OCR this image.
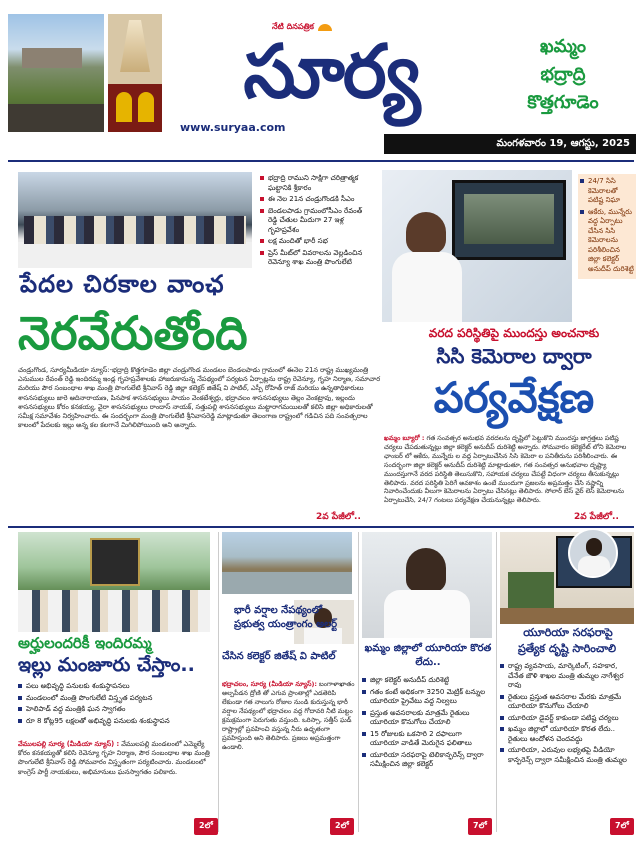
నేటి దినపత్రిక
సూర్య
www.suryaa.com
ఖమ్మం
భద్రాద్రి
కొత్తగూడెం
మంగళవారం 19, ఆగస్టు, 2025
భద్రాద్రి రాముని సాక్షిగా చరిత్రాత్మక ఘట్టానికి శ్రీకారం
ఈ నెల 21న చండ్రుగొండకి సీఎం
బెండలపాడు గ్రామంలోసీఎం రేవంత్ రెడ్డి చేతుల మీదుగా 27 ఇళ్ల గృహప్రవేశం
లక్ష మందితో భారీ సభ
ప్రెస్ మీట్‌లో వివరాలను వెల్లడించిన రెవెన్యూ శాఖ మంత్రి పొంగులేటి
పేదల చిరకాల వాంఛ
నెరవేరుతోంది
చండ్రుగొండ, సూర్యమీడియా న్యూస్:-భద్రాద్రి కొత్తగూడెం జిల్లా చండ్రుగొండ మండలం బెండలపాడు గ్రామంలో ఈనెల 21న రాష్ట్ర ముఖ్యమంత్రి ఎనుముల రేవంత్ రెడ్డి ఇందిరమ్మ ఇండ్ల గృహప్రవేశాలకు హాజరుకానున్న నేపథ్యంలో పర్యటన ఏర్పాట్లను రాష్ట్ర రెవెన్యూ, గృహ నిర్మాణ, సమాచార మరియు పౌర సంబంధాల శాఖ మంత్రి పొంగులేటి శ్రీనివాస్ రెడ్డి జిల్లా కలెక్టర్ జితేష్ వి పాటిల్, ఎస్పీ రోహిత్ రాజ్ మరియు ఉన్నతాధికారులు శాసనసభ్యులు జారె ఆదినారాయణ, పినపాక శాసనసభ్యులు పాయం వెంకటేశ్వర్లు, భద్రాచలం శాసనసభ్యులు తెల్లం వెంకట్రావు, ఇల్లందు శాసనసభ్యులు కోరం కనకయ్య, వైరా శాసనసభ్యులు రాందాస్ నాయక్, సత్తుపల్లి శాసనసభ్యులు మట్టారాగమయిలతో కలిసి జిల్లా అధికారులతో సమీక్ష సమావేశం నిర్వహించారు. ఈ సందర్భంగా మంత్రి పొంగులేటి శ్రీనివాసరెడ్డి మాట్లాడుతూ తెలంగాణ రాష్ట్రంలో గడిచిన పది సంవత్సరాల కాలంలో పేదలకు ఇల్లు అన్న కల కలగానే మిగిలిపోయింది అని అన్నారు.
2వ పేజీలో..
24/7 సిసి కెమెరాలతో పటిష్ట నిఘా
ఆకేరు, మున్నేరు వద్ద ఏర్పాటు చేసిన సిసి కెమెరాలను పరిశీలించిన జిల్లా కలెక్టర్ అనుదీప్ దురిశెట్టి
వరద పరిస్థితిపై ముందస్తు అంచనాకు
సిసి కెమెరాల ద్వారా
పర్యవేక్షణ
ఖమ్మం బ్యూరో : గత సంవత్సర అనుభవ వరదలను దృష్టిలో పెట్టుకొని ముందస్తు జాగ్రత్తలు పటిష్ట చర్యలు చేపడుతున్నట్లు జిల్లా కలెక్టర్ అనుదీప్ దురిశెట్టి అన్నారు. సోమవారం కలెక్టరేట్ లోని కెమెరాల ఛాంబర్ లో ఆకేరు, మున్నేరు ల వద్ద ఏర్పాటుచేసిన సిసి కెమెరా ల పనితీరును పరిశీలించారు. ఈ సందర్భంగా జిల్లా కలెక్టర్ అనుదీప్ దురిశెట్టి మాట్లాడుతూ, గత సంవత్సర అనుభవాల దృష్ట్యా ముందస్తుగానే వరద పరిస్థితి తెలుసుకొని, సహాయక చర్యలు చేపట్టే విధంగా చర్యలు తీసుకున్నట్లు తెలిపారు. వరద పరిస్థితి పెరిగే అవకాశం ఉంటే ముందుగా ప్రజలను అప్రమత్తం చేసి నష్టాన్ని నివారించేందుకు వీలుగా కెమెరాలను ఏర్పాటు చేసినట్లు తెలిపారు. సోలార్ బేస్ వైర్ లెస్ కెమెరాలను ఏర్పాటుచేసి, 24/7 గంటలు పర్యవేక్షణ చేయనున్నట్లు తెలిపారు.
2వ పేజీలో..
అర్హులందరికీ ఇందిరమ్మ
ఇల్లు మంజూరు చేస్తాం..
పలు అభివృద్ధి పనులకు శంకుస్థాపనలు
మండలంలో మంత్రి పొంగులేటి విస్తృత పర్యటన
హెలిపాడ్ వద్ద మంత్రికి ఘన స్వాగతం
రూ 8 కోట్ల95 లక్షలతో అభివృద్ధి పనులకు శంకుస్థాపన
వేములపల్లి సూర్య (మీడియా న్యూస్) : వేములపల్లి మండలంలో ఎమ్మెల్యే కోరం కనకయ్యతో కలిసి రెవెన్యూ గృహ నిర్మాణ, పౌర సంబంధాల శాఖ మంత్రి పొంగులేటి శ్రీనివాస్ రెడ్డి సోమవారం విస్తృతంగా పర్యటించారు. మండలంలో కాంగ్రెస్ పార్టీ నాయకులు, అభిమానులు ఘనస్వాగతం పలికారు.
2లో
భారీ వర్షాల నేపథ్యంలో ప్రభుత్వ యంత్రాంగం అలర్ట్
చేసిన కలెక్టర్ జితేష్ వి పాటిల్
భద్రాచలం, సూర్య (మీడియా న్యూస్): బంగాళాఖాతం అల్పపీడన ద్రోణి తో ఎగువ ప్రాంతాల్లో ఎడతెరిపి లేకుండా గత నాలుగు రోజుల నుండి కురుస్తున్న భారీ వర్షాల నేపథ్యంలో భద్రాచలం వద్ద గోదావరి నీటి మట్టం క్రమక్రమంగా పెరుగుతు వస్తుంది. ఒరిస్సా, సత్తీస్ ఘడ్ రాష్ట్రాల్లో ప్రవహించి వస్తున్న నీరు ఉధృతంగా ప్రవహిస్తుంది అని తెలిపారు. ప్రజలు అప్రమత్తంగా ఉండాలి.
2లో
ఖమ్మం జిల్లాలో యూరియా కొరత లేదు..
జిల్లా కలెక్టర్ అనుదీప్ దురిశెట్టి
గతం కంటే అధికంగా 3250 మెట్రిక్ టన్నుల యూరియా ప్రైవేటు వద్ద నిల్వలు
ప్రస్తుత అవసరాలకు మాత్రమే రైతులు యూరియా కొనుగోలు చేయాలి
15 రోజులకు ఒకసారి 2 దఫాలుగా యూరియా వాడితే మెరుగైన ఫలితాలు
యూరియా సరఫరాపై టెలికాన్ఫరెన్స్ ద్వారా సమీక్షించిన జిల్లా కలెక్టర్
7లో
యూరియా సరఫరాపై
ప్రత్యేక దృష్టి సారించాలి
రాష్ట్ర వ్యవసాయ, మార్కెటింగ్, సహకార, చేనేత జౌళి శాఖల మంత్రి తుమ్మల నాగేశ్వర రావు
రైతులు ప్రస్తుత అవసరాల మేరకు మాత్రమే యూరియా కొనుగోలు చేయాలి
యూరియా డైవర్ట్ కాకుండా పటిష్ట చర్యలు
ఖమ్మం జిల్లాలో యూరియా కొరత లేదు.. రైతులు ఆందోళన చెందవద్దు
యూరియా, ఎరువుల లభ్యతపై వీడియో కాన్ఫరెన్స్ ద్వారా సమీక్షించిన మంత్రి తుమ్మల
7లో
